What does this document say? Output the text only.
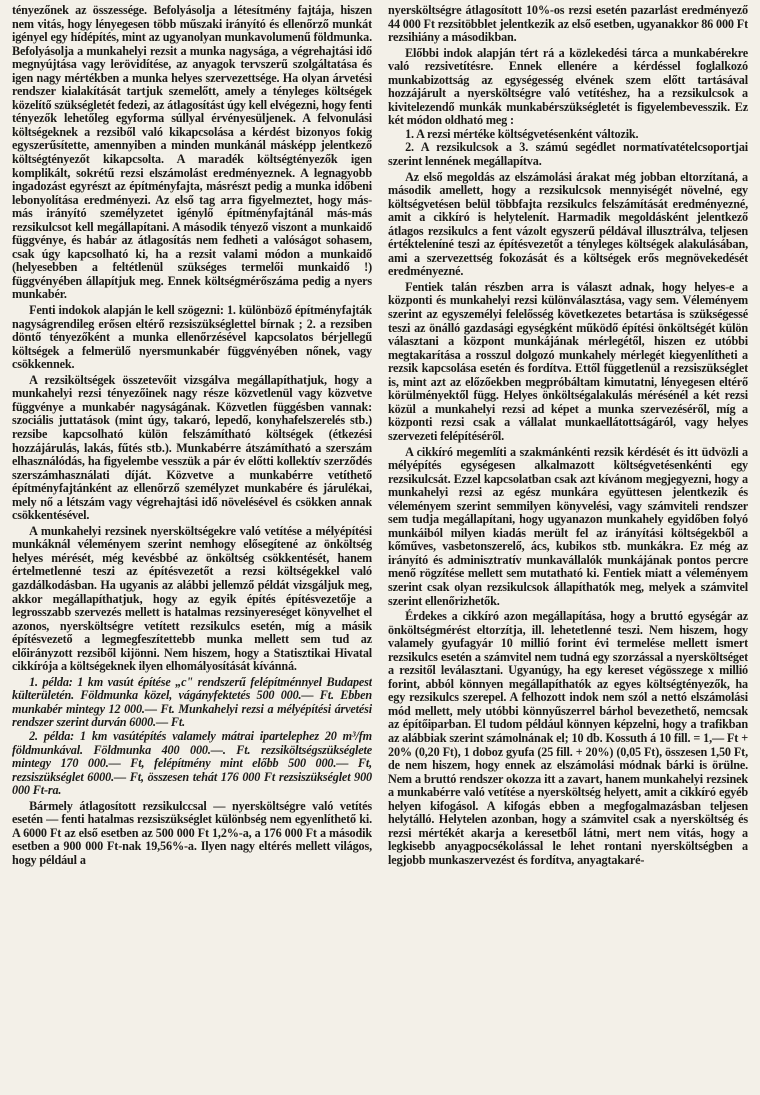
tényezőnek az összessége. Befolyásolja a létesítmény fajtája, hiszen nem vitás, hogy lényegesen több műszaki irányító és ellenőrző munkát igényel egy hídépítés, mint az ugyanolyan munkavolumenű földmunka. Befolyásolja a munkahelyi rezsit a munka nagysága, a végrehajtási idő megnyújtása vagy lerövidítése, az anyagok tervszerű szolgáltatása és igen nagy mértékben a munka helyes szervezettsége. Ha olyan árvetési rendszer kialakítását tartjuk szemelőtt, amely a tényleges költségek közelítő szükségletét fedezi, az átlagosítást úgy kell elvégezni, hogy fenti tényezők lehetőleg egyforma súllyal érvényesüljenek. A felvonulási költségeknek a rezsiből való kikapcsolása a kérdést bizonyos fokig egyszerűsítette, amennyiben a minden munkánál másképp jelentkező költségtényezőt kikapcsolta. A maradék költségtényezők igen komplikált, sokrétű rezsi elszámolást eredményeznek. A legnagyobb ingadozást egyrészt az építményfajta, másrészt pedig a munka időbeni lebonyolítása eredményezi. Az első tag arra figyelmeztet, hogy más-más irányító személyzetet igénylő építményfajtánál más-más rezsikulcsot kell megállapítani. A második tényező viszont a munkaidő függvénye, és habár az átlagosítás nem fedheti a valóságot sohasem, csak úgy kapcsolható ki, ha a rezsit valami módon a munkaidő (helyesebben a feltétlenül szükséges termelői munkaidő !) függvényében állapítjuk meg. Ennek költségmérőszáma pedig a nyers munkabér.

Fenti indokok alapján le kell szögezni: 1. különböző építményfajták nagyságrendileg erősen eltérő rezsiszükséglettel bírnak ; 2. a rezsiben döntő tényezőként a munka ellenőrzésével kapcsolatos bérjellegű költségek a felmerülő nyersmunkabér függvényében nőnek, vagy csökkennek.

A rezsiköltségek összetevőit vizsgálva megállapíthatjuk, hogy a munkahelyi rezsi tényezőinek nagy része közvetlenül vagy közvetve függvénye a munkabér nagyságának. Közvetlen függésben vannak: szociális juttatások (mint úgy, takaró, lepedő, konyhafelszerelés stb.) rezsibe kapcsolható külön felszámítható költségek (étkezési hozzájárulás, lakás, fűtés stb.). Munkabérre átszámítható a szerszám elhasználódás, ha figyelembe vesszük a pár év előtti kollektív szerződés szerszámhasználati díját. Közvetve a munkabérre vetíthető építményfajtánként az ellenőrző személyzet munkabére és járulékai, mely nő a létszám vagy végrehajtási idő növelésével és csökken annak csökkentésével.

A munkahelyi rezsinek nyersköltségekre való vetítése a mélyépítési munkáknál véleményem szerint nemhogy elősegítené az önköltség helyes mérését, még kevésbbé az önköltség csökkentését, hanem értelmetlenné teszi az építésvezetőt a rezsi költségekkel való gazdálkodásban. Ha ugyanis az alábbi jellemző példát vizsgáljuk meg, akkor megállapíthatjuk, hogy az egyik építés építésvezetője a legrosszabb szervezés mellett is hatalmas rezsinyereséget könyvelhet el azonos, nyersköltségre vetített rezsikulcs esetén, míg a másik építésvezető a legmegfeszítettebb munka mellett sem tud az előirányzott rezsiből kijönni. Nem hiszem, hogy a Statisztikai Hivatal cikkírója a költségeknek ilyen elhomályosítását kívánná.

1. példa: 1 km vasút építése „c" rendszerű felépítménnyel Budapest külterületén. Földmunka közel, vágányfektetés 500 000.— Ft. Ebben munkabér mintegy 12 000.— Ft. Munkahelyi rezsi a mélyépítési árvetési rendszer szerint durván 6000.— Ft.

2. példa: 1 km vasútépítés valamely mátrai iparteleрhez 20 m³/fm földmunkával. Földmunka 400 000.—. Ft. rezsiköltségszükséglete mintegy 170 000.— Ft, felépítmény mint előbb 500 000.— Ft, rezsiszükséglet 6000.— Ft, összesen tehát 176 000 Ft rezsiszükséglet 900 000 Ft-ra.

Bármely átlagosított rezsikulccsal — nyersköltségre való vetítés esetén — fenti hatalmas rezsiszükséglet különbség nem egyenlíthető ki. A 6000 Ft az első esetben az 500 000 Ft 1,2%-a, a 176 000 Ft a második esetben a 900 000 Ft-nak 19,56%-a. Ilyen nagy eltérés mellett világos, hogy például a

nyersköltségre átlagosított 10%-os rezsi esetén pazarlást eredményező 44 000 Ft rezsitöbblet jelentkezik az első esetben, ugyanakkor 86 000 Ft rezsihiány a másodikban.

Előbbi indok alapján tért rá a közlekedési tárca a munkabérekre való rezsivetítésre. Ennek ellenére a kérdéssel foglalkozó munkabizottság az egységesség elvének szem előtt tartásával hozzájárult a nyersköltségre való vetítéshez, ha a rezsikulcsok a kivitelezendő munkák munkabérszükségletét is figyelembevesszik. Ez két módon oldható meg :

1. A rezsi mértéke költségvetésenként változik.

2. A rezsikulcsok a 3. számú segédlet normatívatételcsoportjai szerint lennének megállapítva.

Az első megoldás az elszámolási árakat még jobban eltorzítaná, a második amellett, hogy a rezsikulcsok mennyiségét növelné, egy költségvetésen belül többfajta rezsikulcs felszámítását eredményezné, amit a cikkíró is helytelenít. Harmadik megoldásként jelentkező átlagos rezsikulcs a fent vázolt egyszerű példával illusztrálva, teljesen értékteleníné teszi az építésvezetőt a tényleges költségek alakulásában, ami a szervezettség fokozását és a költségek erős megnövekedését eredményezné.

Fentiek talán részben arra is választ adnak, hogy helyes-e a központi és munkahelyi rezsi különválasztása, vagy sem. Véleményem szerint az egyszemélyi felelősség következetes betartása is szükségessé teszi az önálló gazdasági egységként működő építési önköltségét külön választani a központ munkájának mérlegétől, hiszen ez utóbbi megtakarítása a rosszul dolgozó munkahely mérlegét kiegyenlítheti a rezsik kapcsolása esetén és fordítva. Ettől függetlenül a rezsiszükséglet is, mint azt az előzőekben megpróbáltam kimutatni, lényegesen eltérő körülményektől függ. Helyes önköltségalakulás mérésénél a két rezsi közül a munkahelyi rezsi ad képet a munka szervezéséről, míg a központi rezsi csak a vállalat munkaellátottságáról, vagy helyes szervezeti felépítéséről.

A cikkíró megemlíti a szakmánkénti rezsik kérdését és itt üdvözli a mélyépítés egységesen alkalmazott költségvetésenkénti egy rezsikulcsát. Ezzel kapcsolatban csak azt kívánom megjegyezni, hogy a munkahelyi rezsi az egész munkára együttesen jelentkezik és véleményem szerint semmilyen könyvelési, vagy számviteli rendszer sem tudja megállapítani, hogy ugyanazon munkahely egyidőben folyó munkáiból milyen kiadás merült fel az irányítási költségekből a kőműves, vasbetonszerelő, ács, kubikos stb. munkákra. Ez még az irányító és adminisztratív munkavállalók munkájának pontos percre menő rögzítése mellett sem mutatható ki. Fentiek miatt a véleményem szerint csak olyan rezsikulcsok állapíthatók meg, melyek a számvitel szerint ellenőrizhetők.

Érdekes a cikkíró azon megállapítása, hogy a bruttó egységár az önköltségmérést eltorzítja, ill. lehetetlenné teszi. Nem hiszem, hogy valamely gyufagyár 10 millió forint évi termelése mellett ismert rezsikulcs esetén a számvitel nem tudná egy szorzással a nyersköltséget a rezsitől leválasztani. Ugyanúgy, ha egy kereset végösszege x millió forint, abból könnyen megállapíthatók az egyes költségtényezők, ha egy rezsikulcs szerepel. A felhozott indok nem szól a nettó elszámolási mód mellett, mely utóbbi könnyűszerrel bárhol bevezethető, nemcsak az építőiparban. El tudom például könnyen képzelni, hogy a trafikban az alábbiak szerint számolnának el; 10 db. Kossuth á 10 fill. = 1,— Ft + 20% (0,20 Ft), 1 doboz gyufa (25 fill. + 20%) (0,05 Ft), összesen 1,50 Ft, de nem hiszem, hogy ennek az elszámolási módnak bárki is örülne. Nem a bruttó rendszer okozza itt a zavart, hanem munkahelyi rezsinek a munkabérre való vetítése a nyersköltség helyett, amit a cikkíró egyéb helyen kifogásol. A kifogás ebben a megfogalmazásban teljesen helytálló. Helytelen azonban, hogy a számvitel csak a nyersköltség és rezsi mértékét akarja a keresetből látni, mert nem vitás, hogy a legkisebb anyagpocsékolással le lehet rontani nyersköltségben a legjobb munkaszervezést és fordítva, anyagtakaré-
